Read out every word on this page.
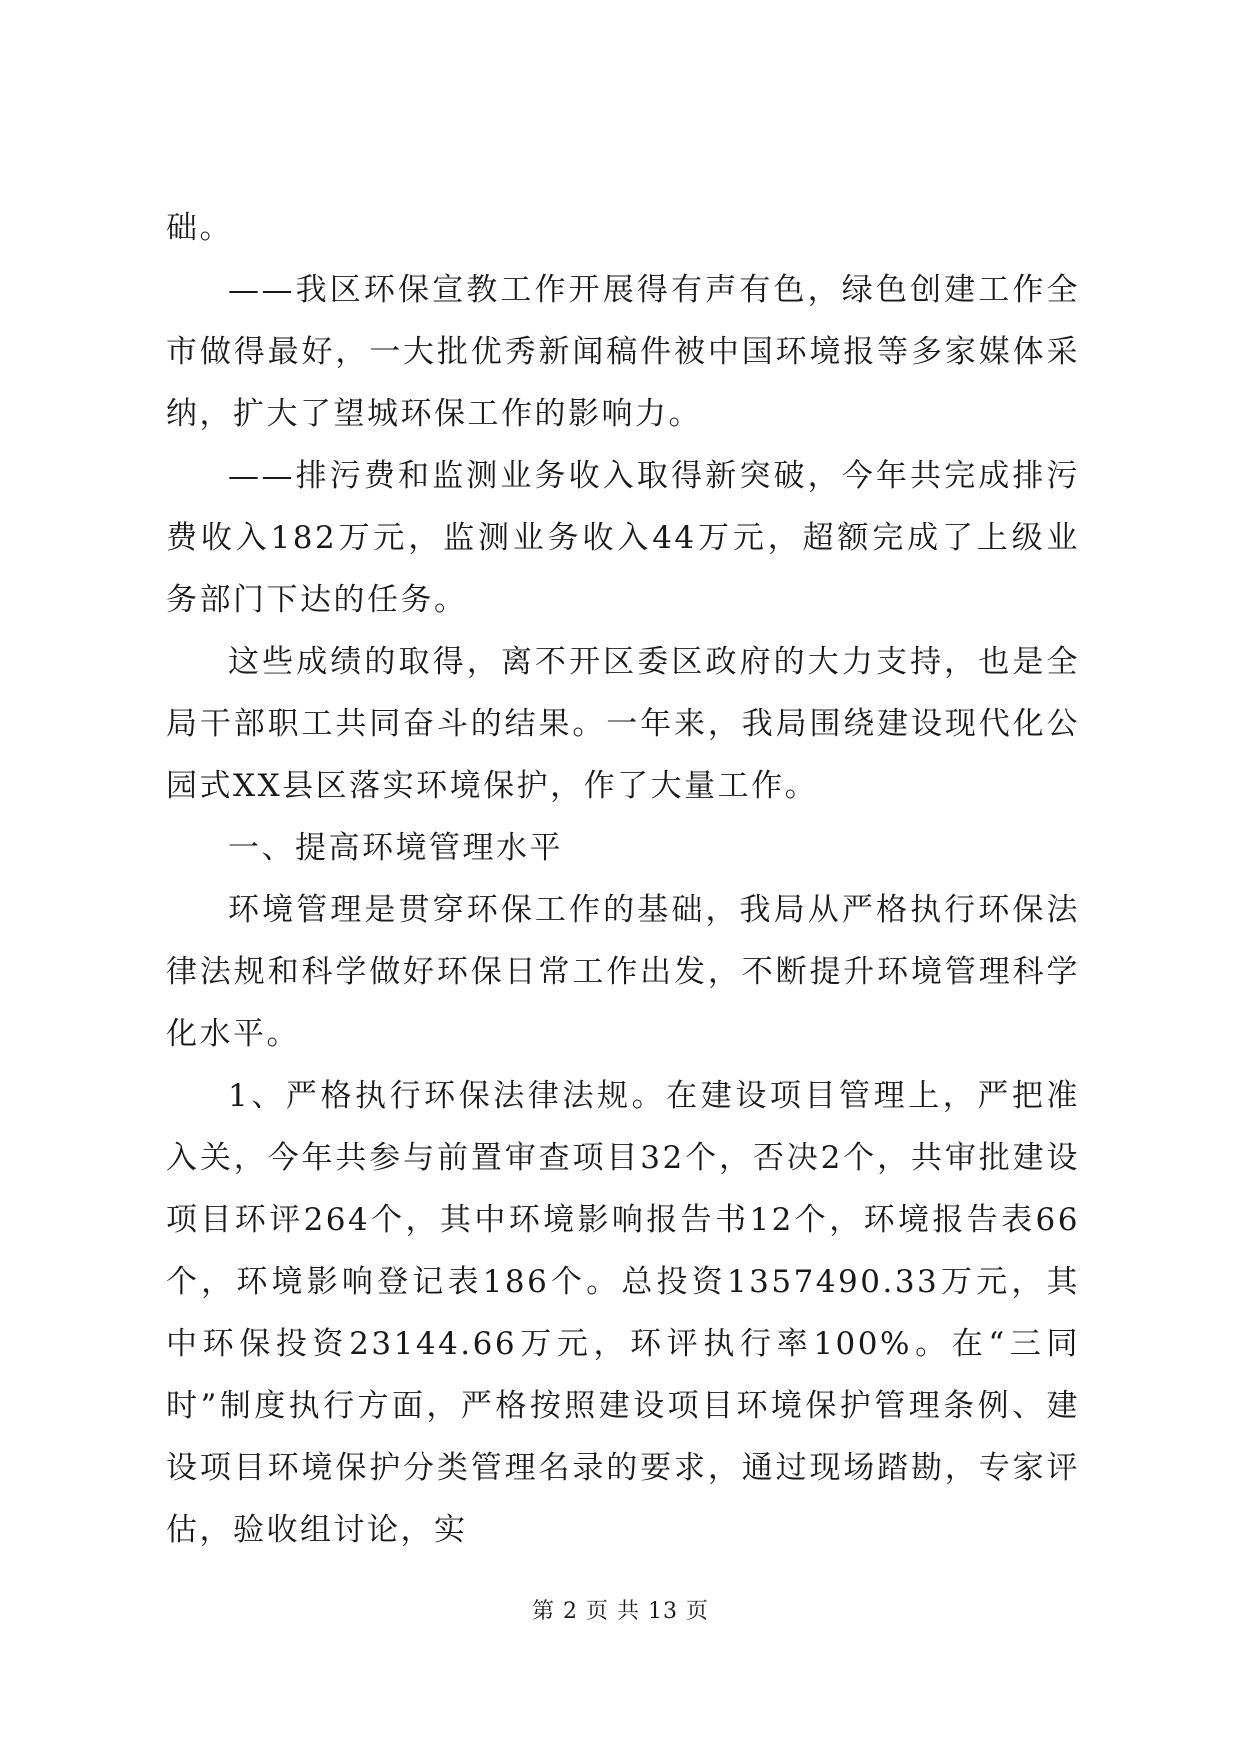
础。

——我区环保宣教工作开展得有声有色，绿色创建工作全市做得最好，一大批优秀新闻稿件被中国环境报等多家媒体采纳，扩大了望城环保工作的影响力。

——排污费和监测业务收入取得新突破，今年共完成排污费收入182万元，监测业务收入44万元，超额完成了上级业务部门下达的任务。

这些成绩的取得，离不开区委区政府的大力支持，也是全局干部职工共同奋斗的结果。一年来，我局围绕建设现代化公园式XX县区落实环境保护，作了大量工作。

一、提高环境管理水平

环境管理是贯穿环保工作的基础，我局从严格执行环保法律法规和科学做好环保日常工作出发，不断提升环境管理科学化水平。

1、严格执行环保法律法规。在建设项目管理上，严把准入关，今年共参与前置审查项目32个，否决2个，共审批建设项目环评264个，其中环境影响报告书12个，环境报告表66个，环境影响登记表186个。总投资1357490.33万元，其中环保投资23144.66万元，环评执行率100%。在“三同时”制度执行方面，严格按照建设项目环境保护管理条例、建设项目环境保护分类管理名录的要求，通过现场踏勘，专家评估，验收组讨论，实

第 2 页 共 13 页
